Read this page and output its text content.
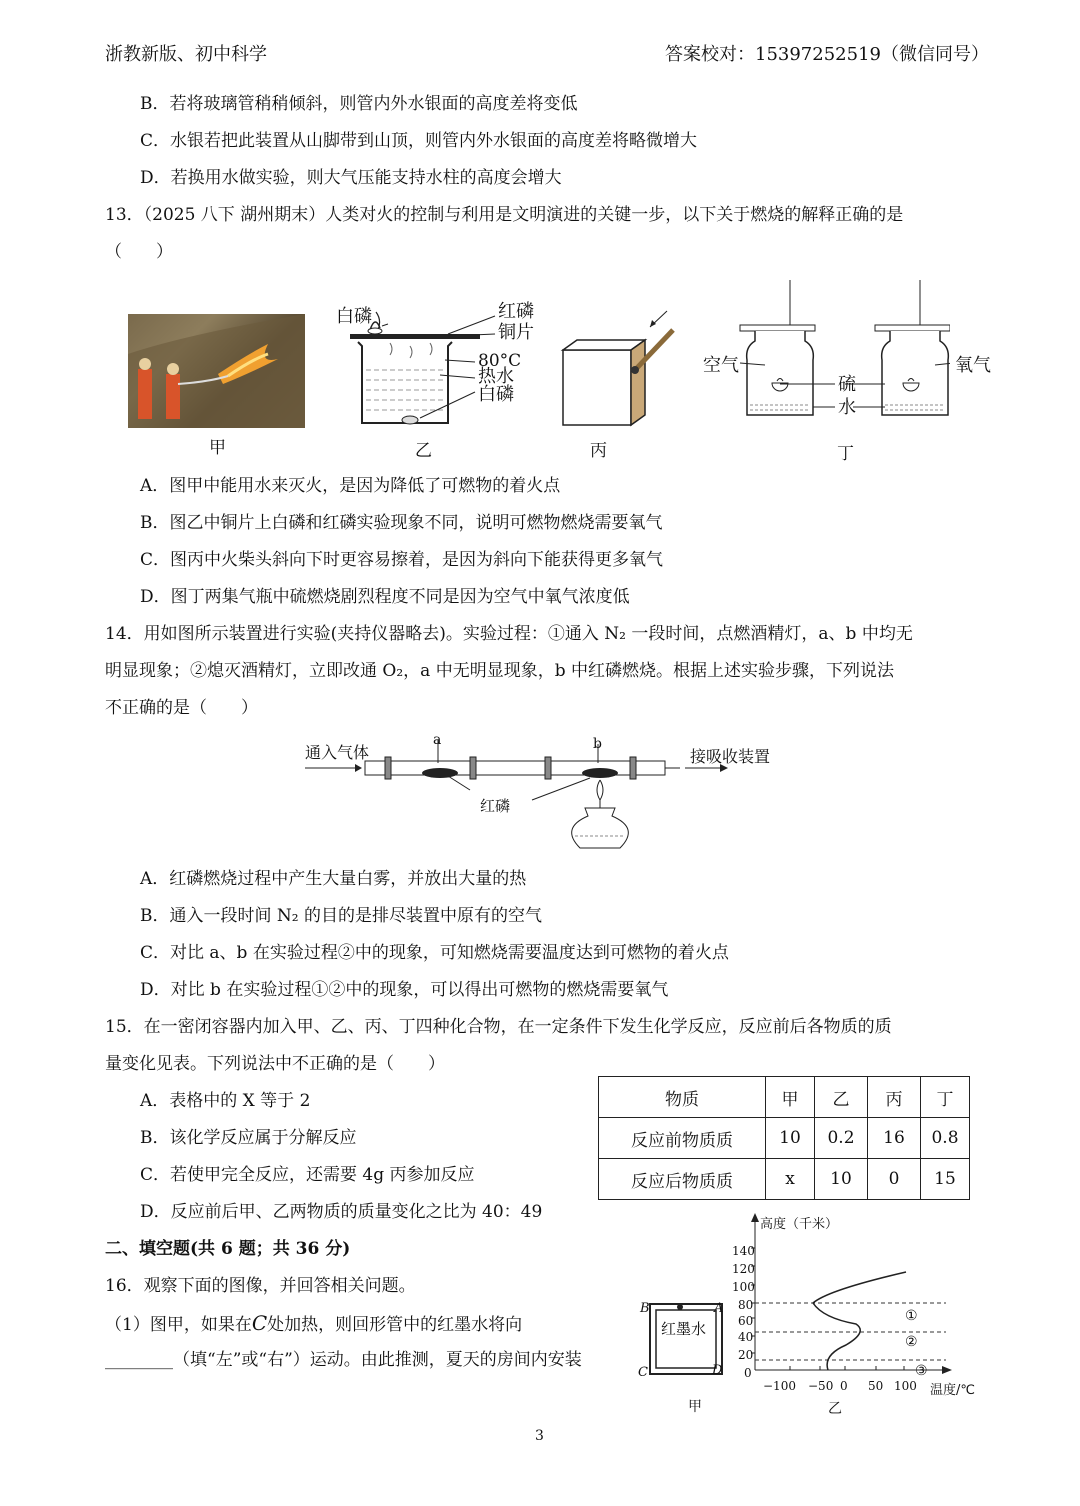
浙教新版、初中科学	答案校对：15397252519（微信同号）
B．若将玻璃管稍稍倾斜，则管内外水银面的高度差将变低
C．水银若把此装置从山脚带到山顶，则管内外水银面的高度差将略微增大
D．若换用水做实验，则大气压能支持水柱的高度会增大
13．（2025 八下 湖州期末）人类对火的控制与利用是文明演进的关键一步，以下关于燃烧的解释正确的是
（　　）
甲
白磷	红磷
铜片
80°C
热水
白磷
乙	丙
空气	氧气
硫
水
丁
A．图甲中能用水来灭火，是因为降低了可燃物的着火点
B．图乙中铜片上白磷和红磷实验现象不同，说明可燃物燃烧需要氧气
C．图丙中火柴头斜向下时更容易擦着，是因为斜向下能获得更多氧气
D．图丁两集气瓶中硫燃烧剧烈程度不同是因为空气中氧气浓度低
14．用如图所示装置进行实验(夹持仪器略去)。实验过程：①通入 N₂ 一段时间，点燃酒精灯，a、b 中均无
明显现象；②熄灭酒精灯，立即改通 O₂，a 中无明显现象，b 中红磷燃烧。根据上述实验步骤，下列说法
不正确的是（　　）
通入气体	接吸收装置
a	b
红磷
A．红磷燃烧过程中产生大量白雾，并放出大量的热
B．通入一段时间 N₂ 的目的是排尽装置中原有的空气
C．对比 a、b 在实验过程②中的现象，可知燃烧需要温度达到可燃物的着火点
D．对比 b 在实验过程①②中的现象，可以得出可燃物的燃烧需要氧气
15．在一密闭容器内加入甲、乙、丙、丁四种化合物，在一定条件下发生化学反应，反应前后各物质的质
量变化见表。下列说法中不正确的是（　　）
物质	甲	乙	丙	丁
反应前物质质	10	0.2	16	0.8
反应后物质质	x	10	0	15
A．表格中的 X 等于 2
B．该化学反应属于分解反应
C．若使甲完全反应，还需要 4g 丙参加反应
D．反应前后甲、乙两物质的质量变化之比为 40：49
二、填空题(共 6 题；共 36 分)
16．观察下面的图像，并回答相关问题。
（1）图甲，如果在C处加热，则回形管中的红墨水将向
________（填“左”或“右”）运动。由此推测，夏天的房间内安装
红墨水
B	A
C	D
甲
高度（千米）
140
120
100
80
60
40
20
0
−100 −50 0 50 100 温度/℃
①
②
③
乙
3
